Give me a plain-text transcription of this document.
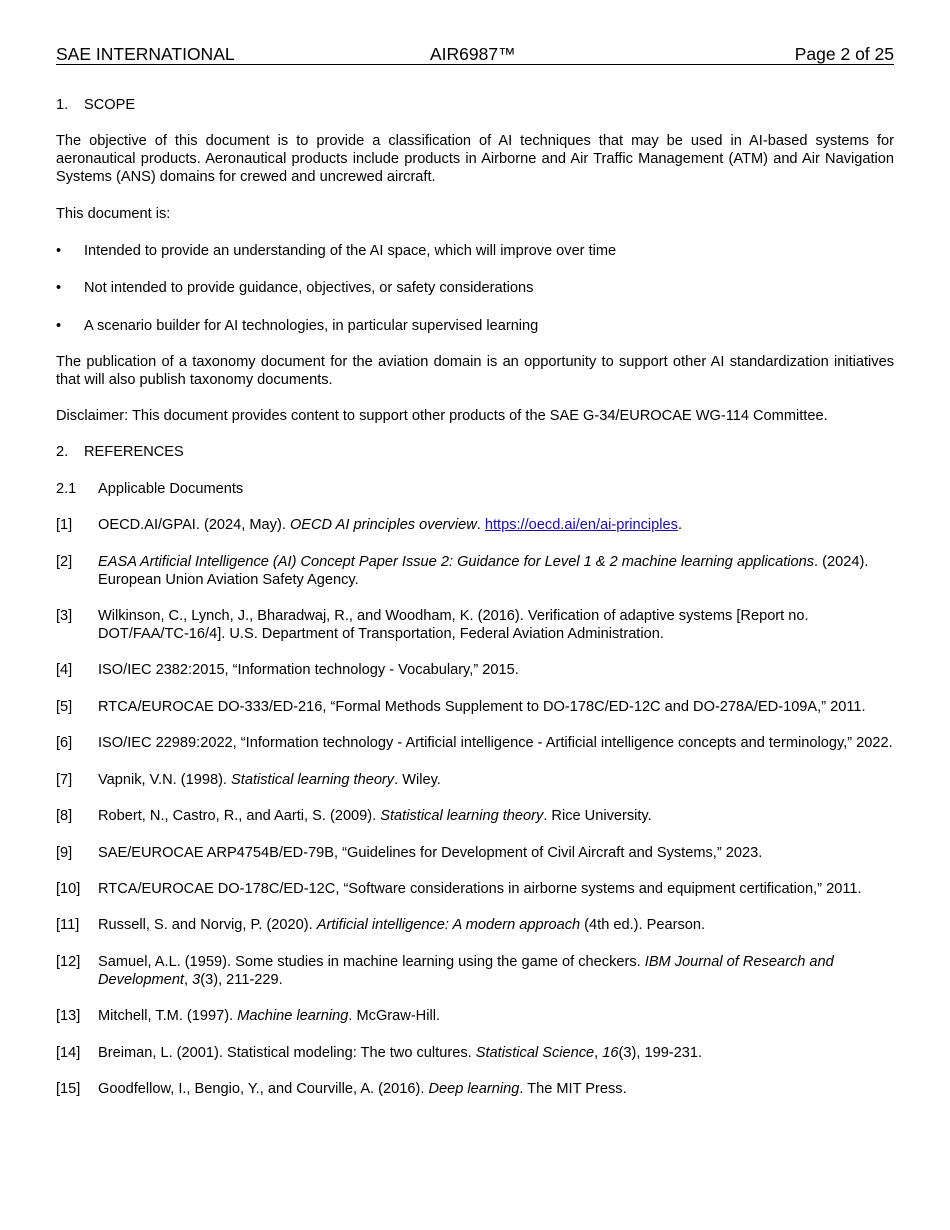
SAE INTERNATIONAL	AIR6987™	Page 2 of 25
1.	SCOPE

The objective of this document is to provide a classification of AI techniques that may be used in AI-based systems for aeronautical products. Aeronautical products include products in Airborne and Air Traffic Management (ATM) and Air Navigation Systems (ANS) domains for crewed and uncrewed aircraft.

This document is:

•	Intended to provide an understanding of the AI space, which will improve over time
•	Not intended to provide guidance, objectives, or safety considerations
•	A scenario builder for AI technologies, in particular supervised learning

The publication of a taxonomy document for the aviation domain is an opportunity to support other AI standardization initiatives that will also publish taxonomy documents.

Disclaimer: This document provides content to support other products of the SAE G-34/EUROCAE WG-114 Committee.

2.	REFERENCES
2.1	Applicable Documents
[1]	OECD.AI/GPAI. (2024, May). OECD AI principles overview. https://oecd.ai/en/ai-principles.
[2]	EASA Artificial Intelligence (AI) Concept Paper Issue 2: Guidance for Level 1 & 2 machine learning applications. (2024). European Union Aviation Safety Agency.
[3]	Wilkinson, C., Lynch, J., Bharadwaj, R., and Woodham, K. (2016). Verification of adaptive systems [Report no. DOT/FAA/TC-16/4]. U.S. Department of Transportation, Federal Aviation Administration.
[4]	ISO/IEC 2382:2015, “Information technology - Vocabulary,” 2015.
[5]	RTCA/EUROCAE DO-333/ED-216, “Formal Methods Supplement to DO-178C/ED-12C and DO-278A/ED-109A,” 2011.
[6]	ISO/IEC 22989:2022, “Information technology - Artificial intelligence - Artificial intelligence concepts and terminology,” 2022.
[7]	Vapnik, V.N. (1998). Statistical learning theory. Wiley.
[8]	Robert, N., Castro, R., and Aarti, S. (2009). Statistical learning theory. Rice University.
[9]	SAE/EUROCAE ARP4754B/ED-79B, “Guidelines for Development of Civil Aircraft and Systems,” 2023.
[10]	RTCA/EUROCAE DO-178C/ED-12C, “Software considerations in airborne systems and equipment certification,” 2011.
[11]	Russell, S. and Norvig, P. (2020). Artificial intelligence: A modern approach (4th ed.). Pearson.
[12]	Samuel, A.L. (1959). Some studies in machine learning using the game of checkers. IBM Journal of Research and Development, 3(3), 211-229.
[13]	Mitchell, T.M. (1997). Machine learning. McGraw-Hill.
[14]	Breiman, L. (2001). Statistical modeling: The two cultures. Statistical Science, 16(3), 199-231.
[15]	Goodfellow, I., Bengio, Y., and Courville, A. (2016). Deep learning. The MIT Press.
